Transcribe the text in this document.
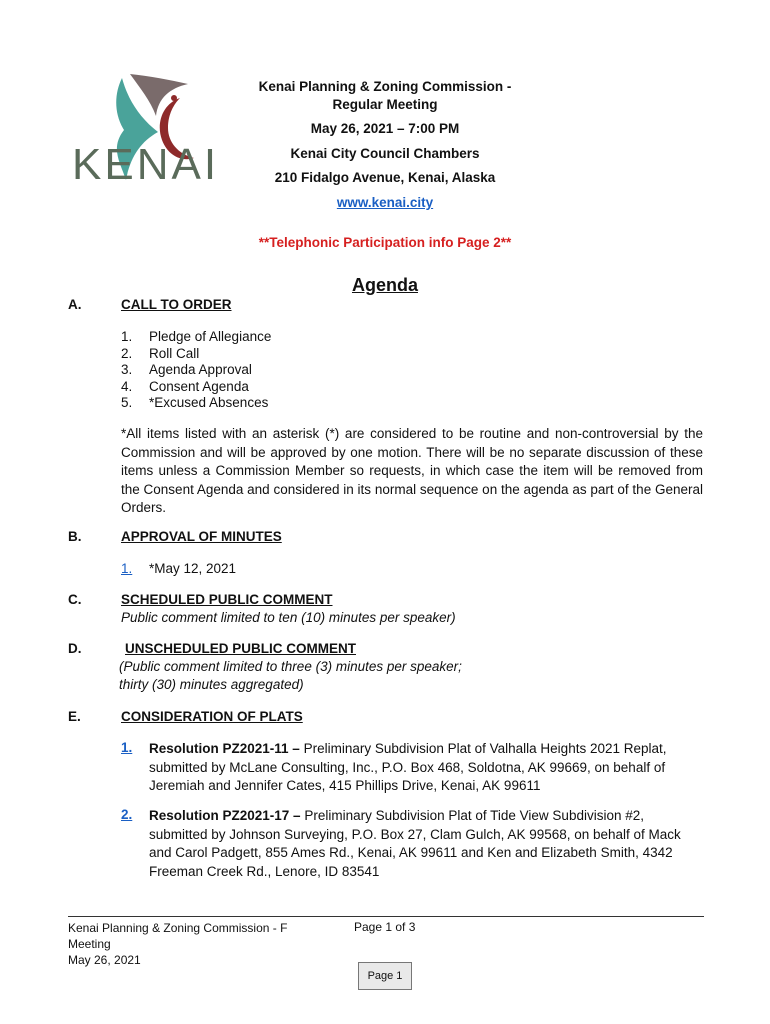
KENAI
Kenai Planning & Zoning Commission -
Regular Meeting
May 26, 2021 – 7:00 PM
Kenai City Council Chambers
210 Fidalgo Avenue, Kenai, Alaska
www.kenai.city
**Telephonic Participation info Page 2**
Agenda
A.	CALL TO ORDER
1.	Pledge of Allegiance
2.	Roll Call
3.	Agenda Approval
4.	Consent Agenda
5.	*Excused Absences
*All items listed with an asterisk (*) are considered to be routine and non-controversial by the Commission and will be approved by one motion. There will be no separate discussion of these items unless a Commission Member so requests, in which case the item will be removed from the Consent Agenda and considered in its normal sequence on the agenda as part of the General Orders.
B.	APPROVAL OF MINUTES
1. *May 12, 2021
C.	SCHEDULED PUBLIC COMMENT
Public comment limited to ten (10) minutes per speaker)
D.	UNSCHEDULED PUBLIC COMMENT
(Public comment limited to three (3) minutes per speaker;
thirty (30) minutes aggregated)
E.	CONSIDERATION OF PLATS
1. Resolution PZ2021-11 – Preliminary Subdivision Plat of Valhalla Heights 2021 Replat, submitted by McLane Consulting, Inc., P.O. Box 468, Soldotna, AK 99669, on behalf of Jeremiah and Jennifer Cates, 415 Phillips Drive, Kenai, AK 99611
2. Resolution PZ2021-17 – Preliminary Subdivision Plat of Tide View Subdivision #2, submitted by Johnson Surveying, P.O. Box 27, Clam Gulch, AK 99568, on behalf of Mack and Carol Padgett, 855 Ames Rd., Kenai, AK 99611 and Ken and Elizabeth Smith, 4342 Freeman Creek Rd., Lenore, ID 83541
Kenai Planning & Zoning Commission - F
Meeting
May 26, 2021
Page 1 of 3
Page 1
